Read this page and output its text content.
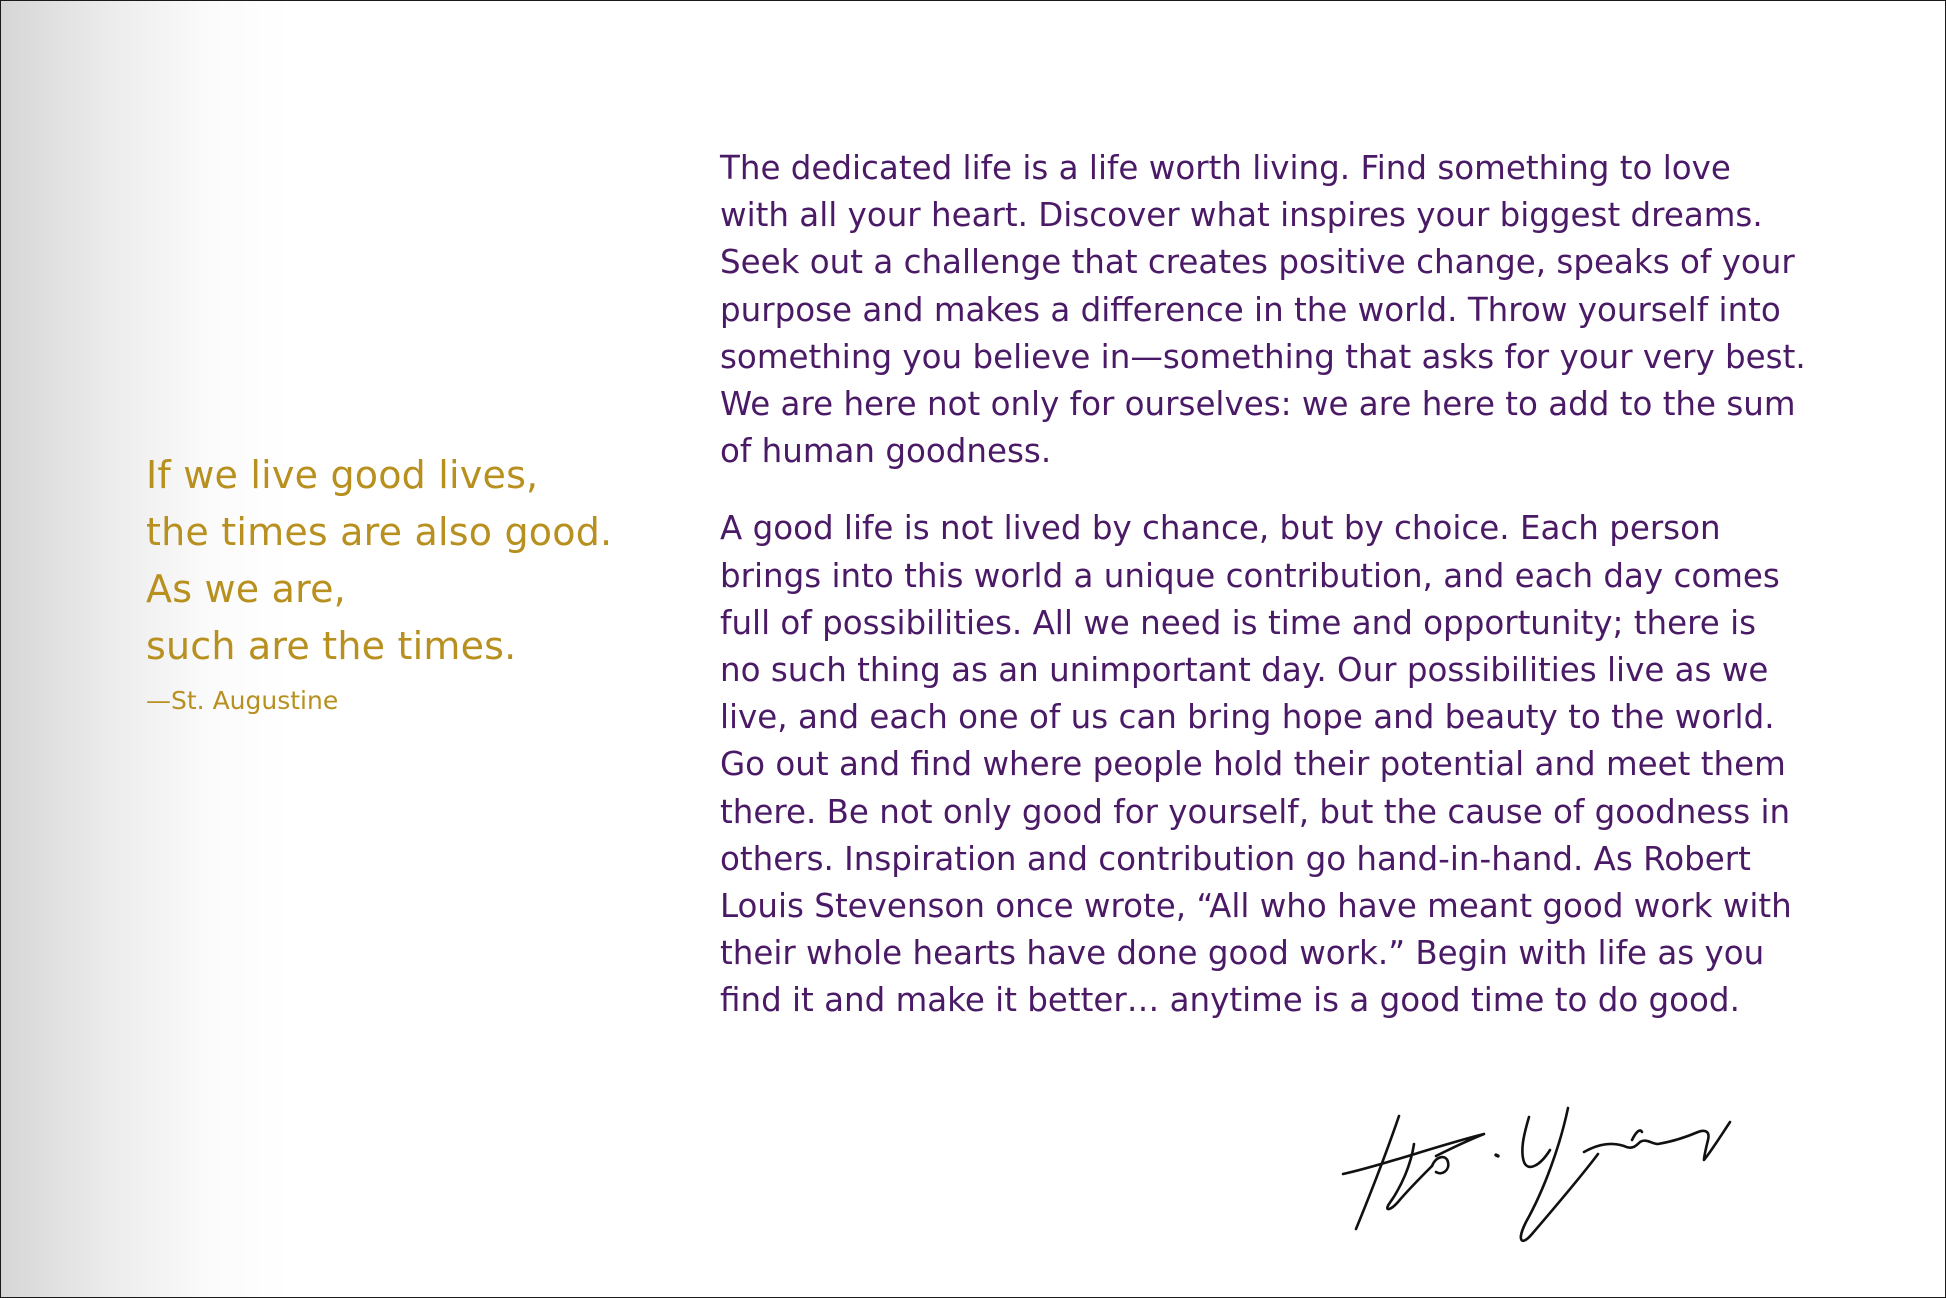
If we live good lives,
the times are also good.
As we are,
such are the times.
—St. Augustine
The dedicated life is a life worth living. Find something to love
with all your heart. Discover what inspires your biggest dreams.
Seek out a challenge that creates positive change, speaks of your
purpose and makes a difference in the world. Throw yourself into
something you believe in—something that asks for your very best.
We are here not only for ourselves: we are here to add to the sum
of human goodness.
A good life is not lived by chance, but by choice. Each person
brings into this world a unique contribution, and each day comes
full of possibilities. All we need is time and opportunity; there is
no such thing as an unimportant day. Our possibilities live as we
live, and each one of us can bring hope and beauty to the world.
Go out and find where people hold their potential and meet them
there. Be not only good for yourself, but the cause of goodness in
others. Inspiration and contribution go hand-in-hand. As Robert
Louis Stevenson once wrote, “All who have meant good work with
their whole hearts have done good work.” Begin with life as you
find it and make it better… anytime is a good time to do good.
